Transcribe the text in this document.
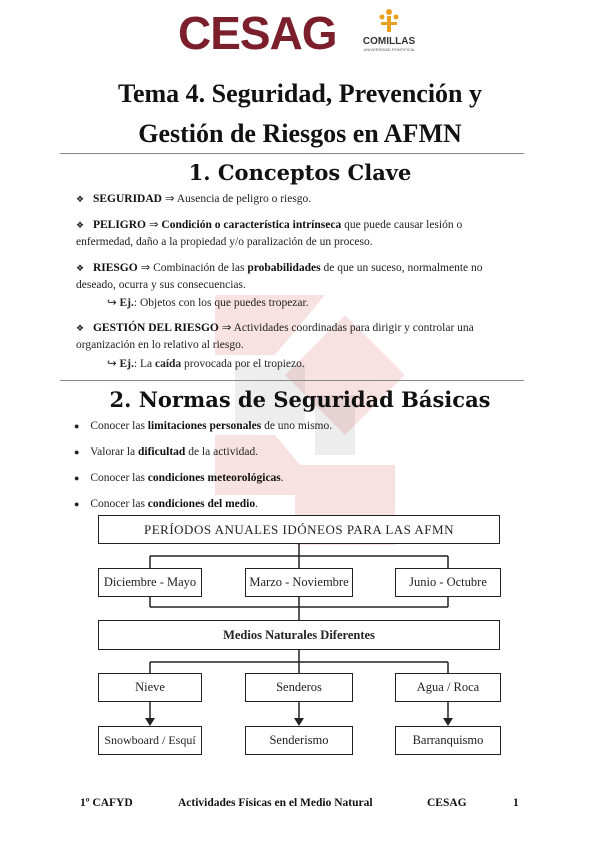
CESAG	COMILLAS
UNIVERSIDAD PONTIFICIA
Tema 4. Seguridad, Prevención y
Gestión de Riesgos en AFMN
1. Conceptos Clave
❖ SEGURIDAD ⇒ Ausencia de peligro o riesgo.
❖ PELIGRO ⇒ Condición o característica intrínseca que puede causar lesión o
enfermedad, daño a la propiedad y/o paralización de un proceso.
❖ RIESGO ⇒ Combinación de las probabilidades de que un suceso, normalmente no
deseado, ocurra y sus consecuencias.
↪ Ej.: Objetos con los que puedes tropezar.
❖ GESTIÓN DEL RIESGO ⇒ Actividades coordinadas para dirigir y controlar una
organización en lo relativo al riesgo.
↪ Ej.: La caída provocada por el tropiezo.
2. Normas de Seguridad Básicas
● Conocer las limitaciones personales de uno mismo.
● Valorar la dificultad de la actividad.
● Conocer las condiciones meteorológicas.
● Conocer las condiciones del medio.
PERÍODOS ANUALES IDÓNEOS PARA LAS AFMN
Diciembre - Mayo	Marzo - Noviembre	Junio - Octubre
Medios Naturales Diferentes
Nieve	Senderos	Agua / Roca
Snowboard / Esquí	Senderismo	Barranquismo
1º CAFYD	Actividades Físicas en el Medio Natural	CESAG	1
